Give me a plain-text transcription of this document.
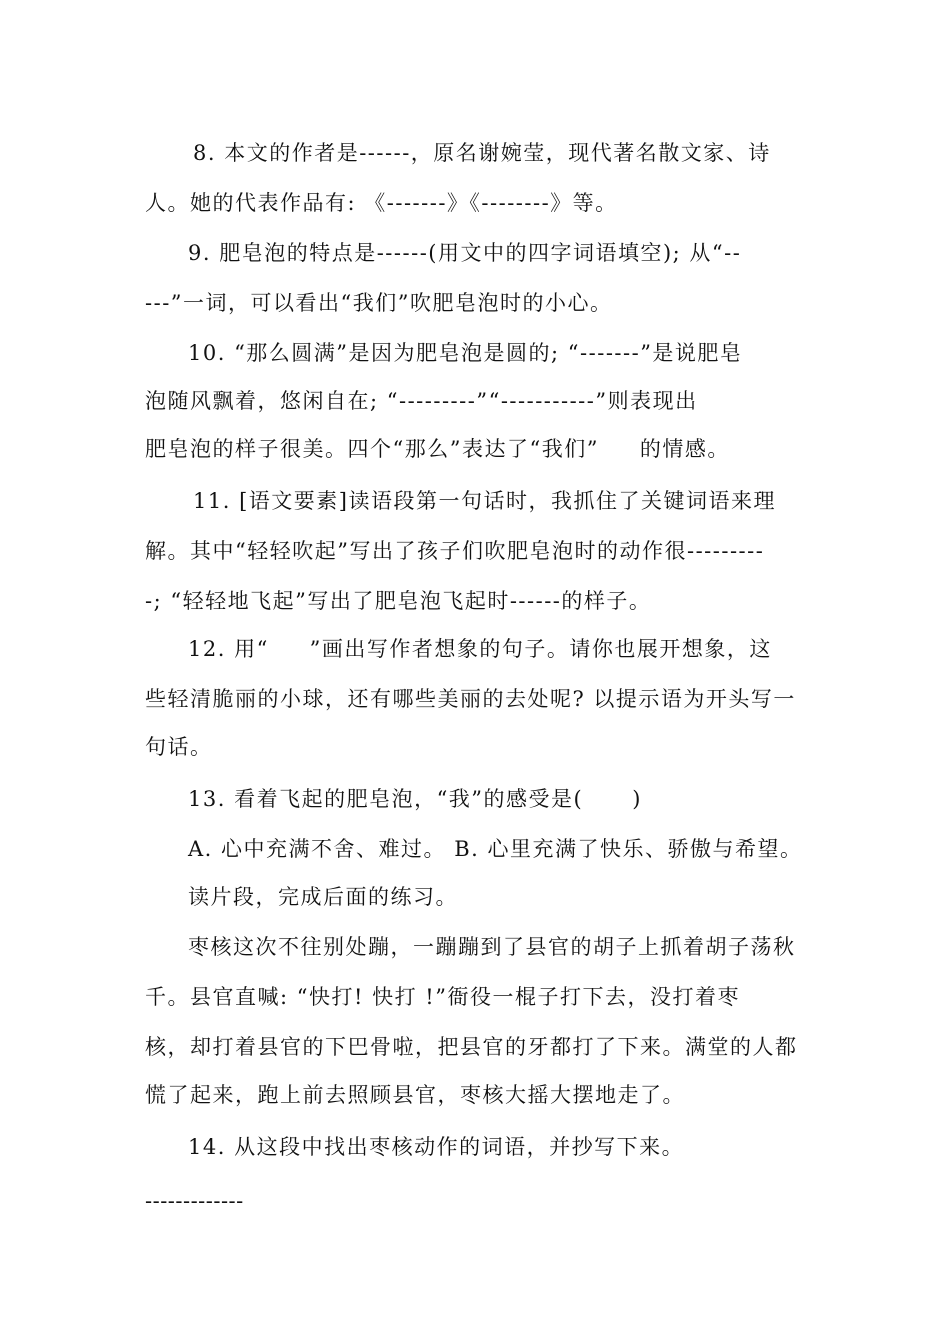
8. 本文的作者是------，原名谢婉莹，现代著名散文家、诗
人。她的代表作品有: 《-------》《--------》等。
9. 肥皂泡的特点是------(用文中的四字词语填空); 从“--
---”一词，可以看出“我们”吹肥皂泡时的小心。
10. “那么圆满”是因为肥皂泡是圆的; “-------”是说肥皂
泡随风飘着，悠闲自在; “---------”“-----------”则表现出
肥皂泡的样子很美。四个“那么”表达了“我们”     的情感。
11. [语文要素]读语段第一句话时，我抓住了关键词语来理
解。其中“轻轻吹起”写出了孩子们吹肥皂泡时的动作很---------
-; “轻轻地飞起”写出了肥皂泡飞起时------的样子。
12. 用“     ”画出写作者想象的句子。请你也展开想象，这
些轻清脆丽的小球，还有哪些美丽的去处呢? 以提示语为开头写一
句话。
13. 看着飞起的肥皂泡，“我”的感受是(      )
A. 心中充满不舍、难过。 B. 心里充满了快乐、骄傲与希望。
读片段，完成后面的练习。
枣核这次不往别处蹦，一蹦蹦到了县官的胡子上抓着胡子荡秋
千。县官直喊: “快打! 快打 !”衙役一棍子打下去，没打着枣
核，却打着县官的下巴骨啦，把县官的牙都打了下来。满堂的人都
慌了起来，跑上前去照顾县官，枣核大摇大摆地走了。
14. 从这段中找出枣核动作的词语，并抄写下来。
-------------
